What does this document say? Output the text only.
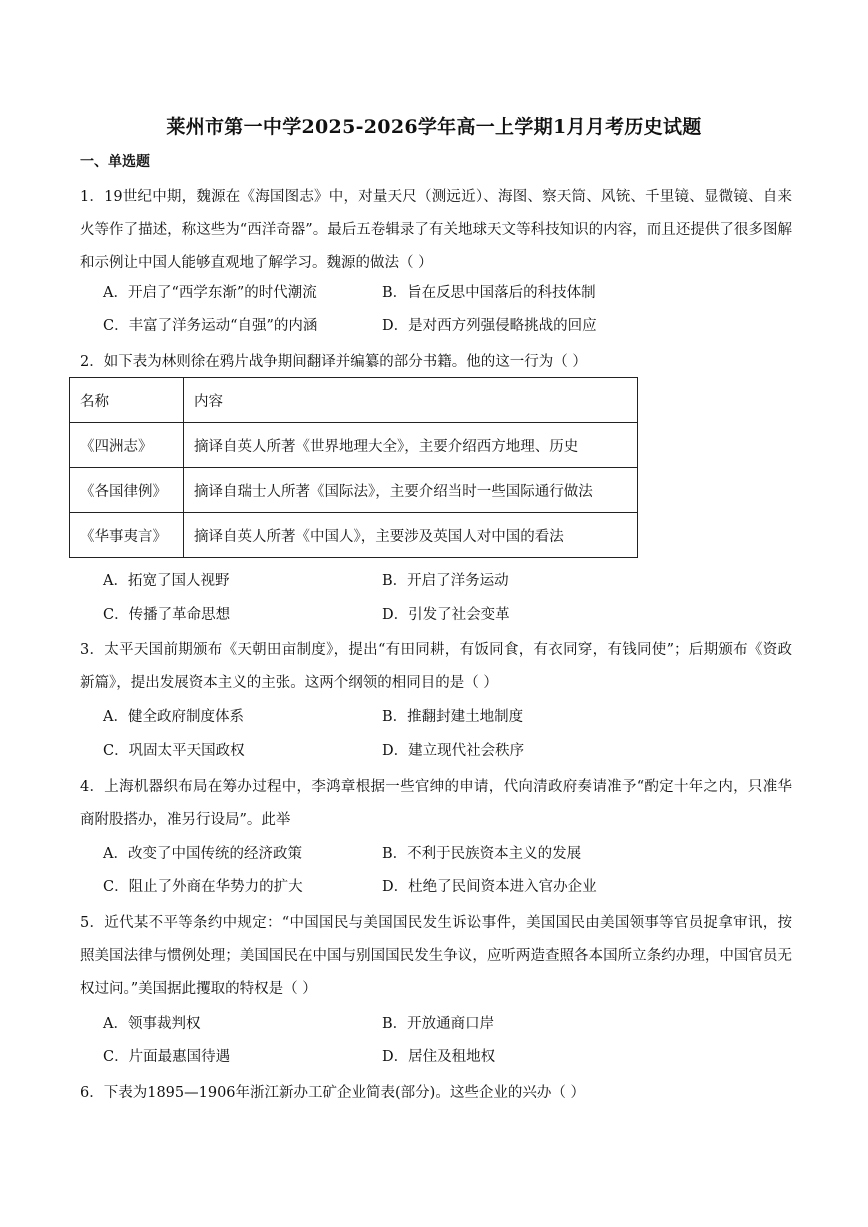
莱州市第一中学2025-2026学年高一上学期1月月考历史试题
一、单选题
1．19世纪中期，魏源在《海国图志》中，对量天尺（测远近）、海图、察天筒、风铳、千里镜、显微镜、自来火等作了描述，称这些为“西洋奇器”。最后五卷辑录了有关地球天文等科技知识的内容，而且还提供了很多图解和示例让中国人能够直观地了解学习。魏源的做法（ ）
A．开启了“西学东渐”的时代潮流	B．旨在反思中国落后的科技体制
C．丰富了洋务运动“自强”的内涵	D．是对西方列强侵略挑战的回应
2．如下表为林则徐在鸦片战争期间翻译并编纂的部分书籍。他的这一行为（ ）
名称	内容
《四洲志》	摘译自英人所著《世界地理大全》，主要介绍西方地理、历史
《各国律例》	摘译自瑞士人所著《国际法》，主要介绍当时一些国际通行做法
《华事夷言》	摘译自英人所著《中国人》，主要涉及英国人对中国的看法
A．拓宽了国人视野	B．开启了洋务运动
C．传播了革命思想	D．引发了社会变革
3．太平天国前期颁布《天朝田亩制度》，提出“有田同耕，有饭同食，有衣同穿，有钱同使”；后期颁布《资政新篇》，提出发展资本主义的主张。这两个纲领的相同目的是（ ）
A．健全政府制度体系	B．推翻封建土地制度
C．巩固太平天国政权	D．建立现代社会秩序
4．上海机器织布局在筹办过程中，李鸿章根据一些官绅的申请，代向清政府奏请准予“酌定十年之内，只准华商附股搭办，准另行设局”。此举
A．改变了中国传统的经济政策	B．不利于民族资本主义的发展
C．阻止了外商在华势力的扩大	D．杜绝了民间资本进入官办企业
5．近代某不平等条约中规定：“中国国民与美国国民发生诉讼事件，美国国民由美国领事等官员捉拿审讯，按照美国法律与惯例处理；美国国民在中国与别国国民发生争议，应听两造查照各本国所立条约办理，中国官员无权过问。”美国据此攫取的特权是（ ）
A．领事裁判权	B．开放通商口岸
C．片面最惠国待遇	D．居住及租地权
6．下表为1895—1906年浙江新办工矿企业简表(部分)。这些企业的兴办（ ）
